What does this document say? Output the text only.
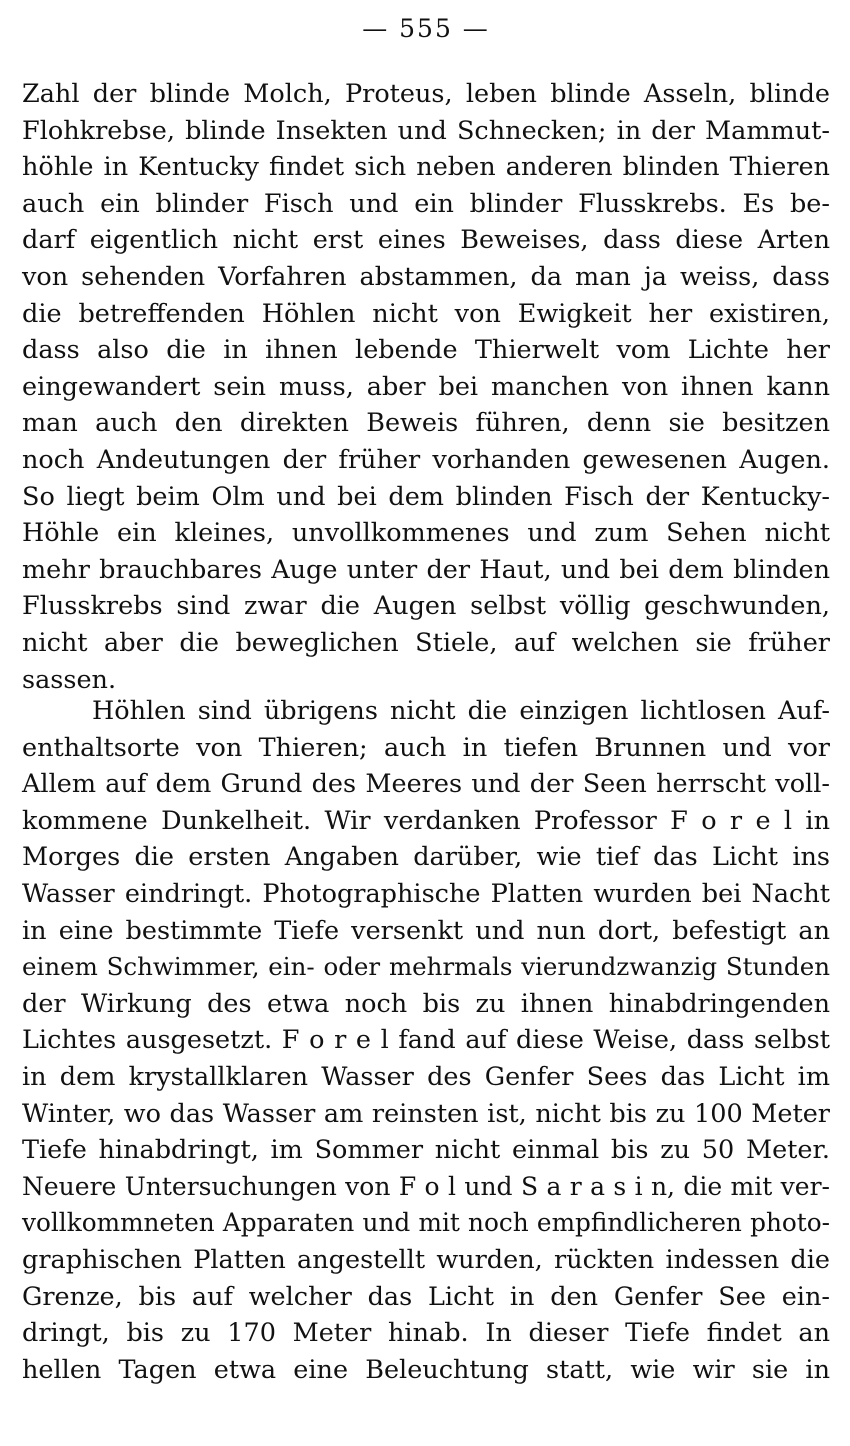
— 555 —
Zahl der blinde Molch, Proteus, leben blinde Asseln, blinde
Flohkrebse, blinde Insekten und Schnecken; in der Mammut-
höhle in Kentucky findet sich neben anderen blinden Thieren
auch ein blinder Fisch und ein blinder Flusskrebs. Es be-
darf eigentlich nicht erst eines Beweises, dass diese Arten
von sehenden Vorfahren abstammen, da man ja weiss, dass
die betreffenden Höhlen nicht von Ewigkeit her existiren,
dass also die in ihnen lebende Thierwelt vom Lichte her
eingewandert sein muss, aber bei manchen von ihnen kann
man auch den direkten Beweis führen, denn sie besitzen
noch Andeutungen der früher vorhanden gewesenen Augen.
So liegt beim Olm und bei dem blinden Fisch der Kentucky-
Höhle ein kleines, unvollkommenes und zum Sehen nicht
mehr brauchbares Auge unter der Haut, und bei dem blinden
Flusskrebs sind zwar die Augen selbst völlig geschwunden,
nicht aber die beweglichen Stiele, auf welchen sie früher
sassen.
Höhlen sind übrigens nicht die einzigen lichtlosen Auf-
enthaltsorte von Thieren; auch in tiefen Brunnen und vor
Allem auf dem Grund des Meeres und der Seen herrscht voll-
kommene Dunkelheit. Wir verdanken Professor F o r e l in
Morges die ersten Angaben darüber, wie tief das Licht ins
Wasser eindringt. Photographische Platten wurden bei Nacht
in eine bestimmte Tiefe versenkt und nun dort, befestigt an
einem Schwimmer, ein- oder mehrmals vierundzwanzig Stunden
der Wirkung des etwa noch bis zu ihnen hinabdringenden
Lichtes ausgesetzt. F o r e l fand auf diese Weise, dass selbst
in dem krystallklaren Wasser des Genfer Sees das Licht im
Winter, wo das Wasser am reinsten ist, nicht bis zu 100 Meter
Tiefe hinabdringt, im Sommer nicht einmal bis zu 50 Meter.
Neuere Untersuchungen von F o l und S a r a s i n, die mit ver-
vollkommneten Apparaten und mit noch empfindlicheren photo-
graphischen Platten angestellt wurden, rückten indessen die
Grenze, bis auf welcher das Licht in den Genfer See ein-
dringt, bis zu 170 Meter hinab. In dieser Tiefe findet an
hellen Tagen etwa eine Beleuchtung statt, wie wir sie in
